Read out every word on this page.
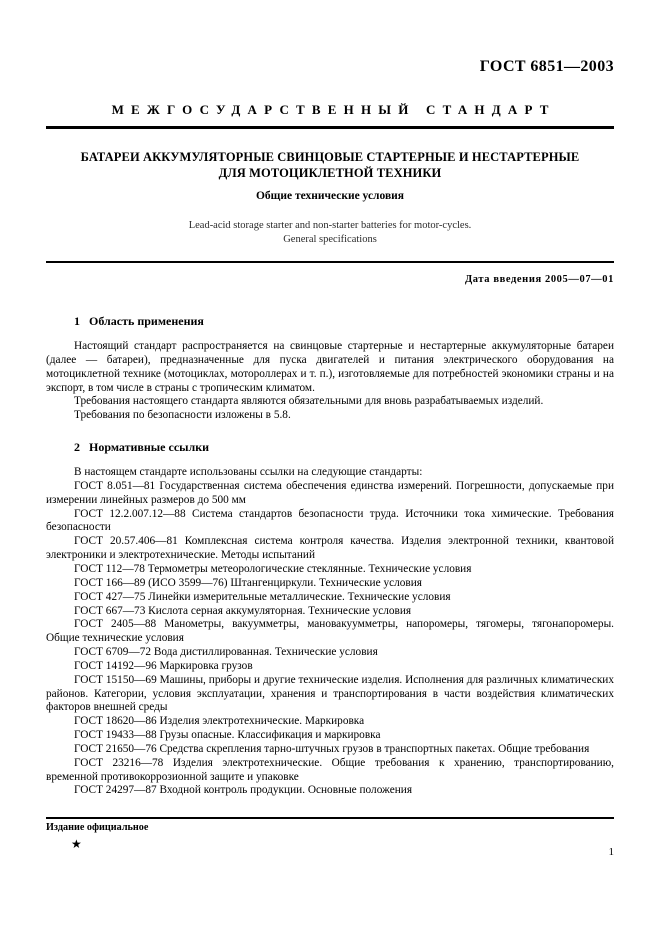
ГОСТ 6851—2003
МЕЖГОСУДАРСТВЕННЫЙ СТАНДАРТ
БАТАРЕИ АККУМУЛЯТОРНЫЕ СВИНЦОВЫЕ СТАРТЕРНЫЕ И НЕСТАРТЕРНЫЕ
ДЛЯ МОТОЦИКЛЕТНОЙ ТЕХНИКИ
Общие технические условия
Lead-acid storage starter and non-starter batteries for motor-cycles.
General specifications
Дата введения 2005—07—01
1 Область применения

Настоящий стандарт распространяется на свинцовые стартерные и нестартерные аккумуляторные батареи (далее — батареи), предназначенные для пуска двигателей и питания электрического оборудования на мотоциклетной технике (мотоциклах, мотороллерах и т. п.), изготовляемые для потребностей экономики страны и на экспорт, в том числе в страны с тропическим климатом.

Требования настоящего стандарта являются обязательными для вновь разрабатываемых изделий.

Требования по безопасности изложены в 5.8.

2 Нормативные ссылки

В настоящем стандарте использованы ссылки на следующие стандарты:

ГОСТ 8.051—81 Государственная система обеспечения единства измерений. Погрешности, допускаемые при измерении линейных размеров до 500 мм

ГОСТ 12.2.007.12—88 Система стандартов безопасности труда. Источники тока химические. Требования безопасности

ГОСТ 20.57.406—81 Комплексная система контроля качества. Изделия электронной техники, квантовой электроники и электротехнические. Методы испытаний

ГОСТ 112—78 Термометры метеорологические стеклянные. Технические условия

ГОСТ 166—89 (ИСО 3599—76) Штангенциркули. Технические условия

ГОСТ 427—75 Линейки измерительные металлические. Технические условия

ГОСТ 667—73 Кислота серная аккумуляторная. Технические условия

ГОСТ 2405—88 Манометры, вакуумметры, мановакуумметры, напоромеры, тягомеры, тягонапоромеры. Общие технические условия

ГОСТ 6709—72 Вода дистиллированная. Технические условия

ГОСТ 14192—96 Маркировка грузов

ГОСТ 15150—69 Машины, приборы и другие технические изделия. Исполнения для различных климатических районов. Категории, условия эксплуатации, хранения и транспортирования в части воздействия климатических факторов внешней среды

ГОСТ 18620—86 Изделия электротехнические. Маркировка

ГОСТ 19433—88 Грузы опасные. Классификация и маркировка

ГОСТ 21650—76 Средства скрепления тарно-штучных грузов в транспортных пакетах. Общие требования

ГОСТ 23216—78 Изделия электротехнические. Общие требования к хранению, транспортированию, временной противокоррозионной защите и упаковке

ГОСТ 24297—87 Входной контроль продукции. Основные положения

Издание официальное
★
1
